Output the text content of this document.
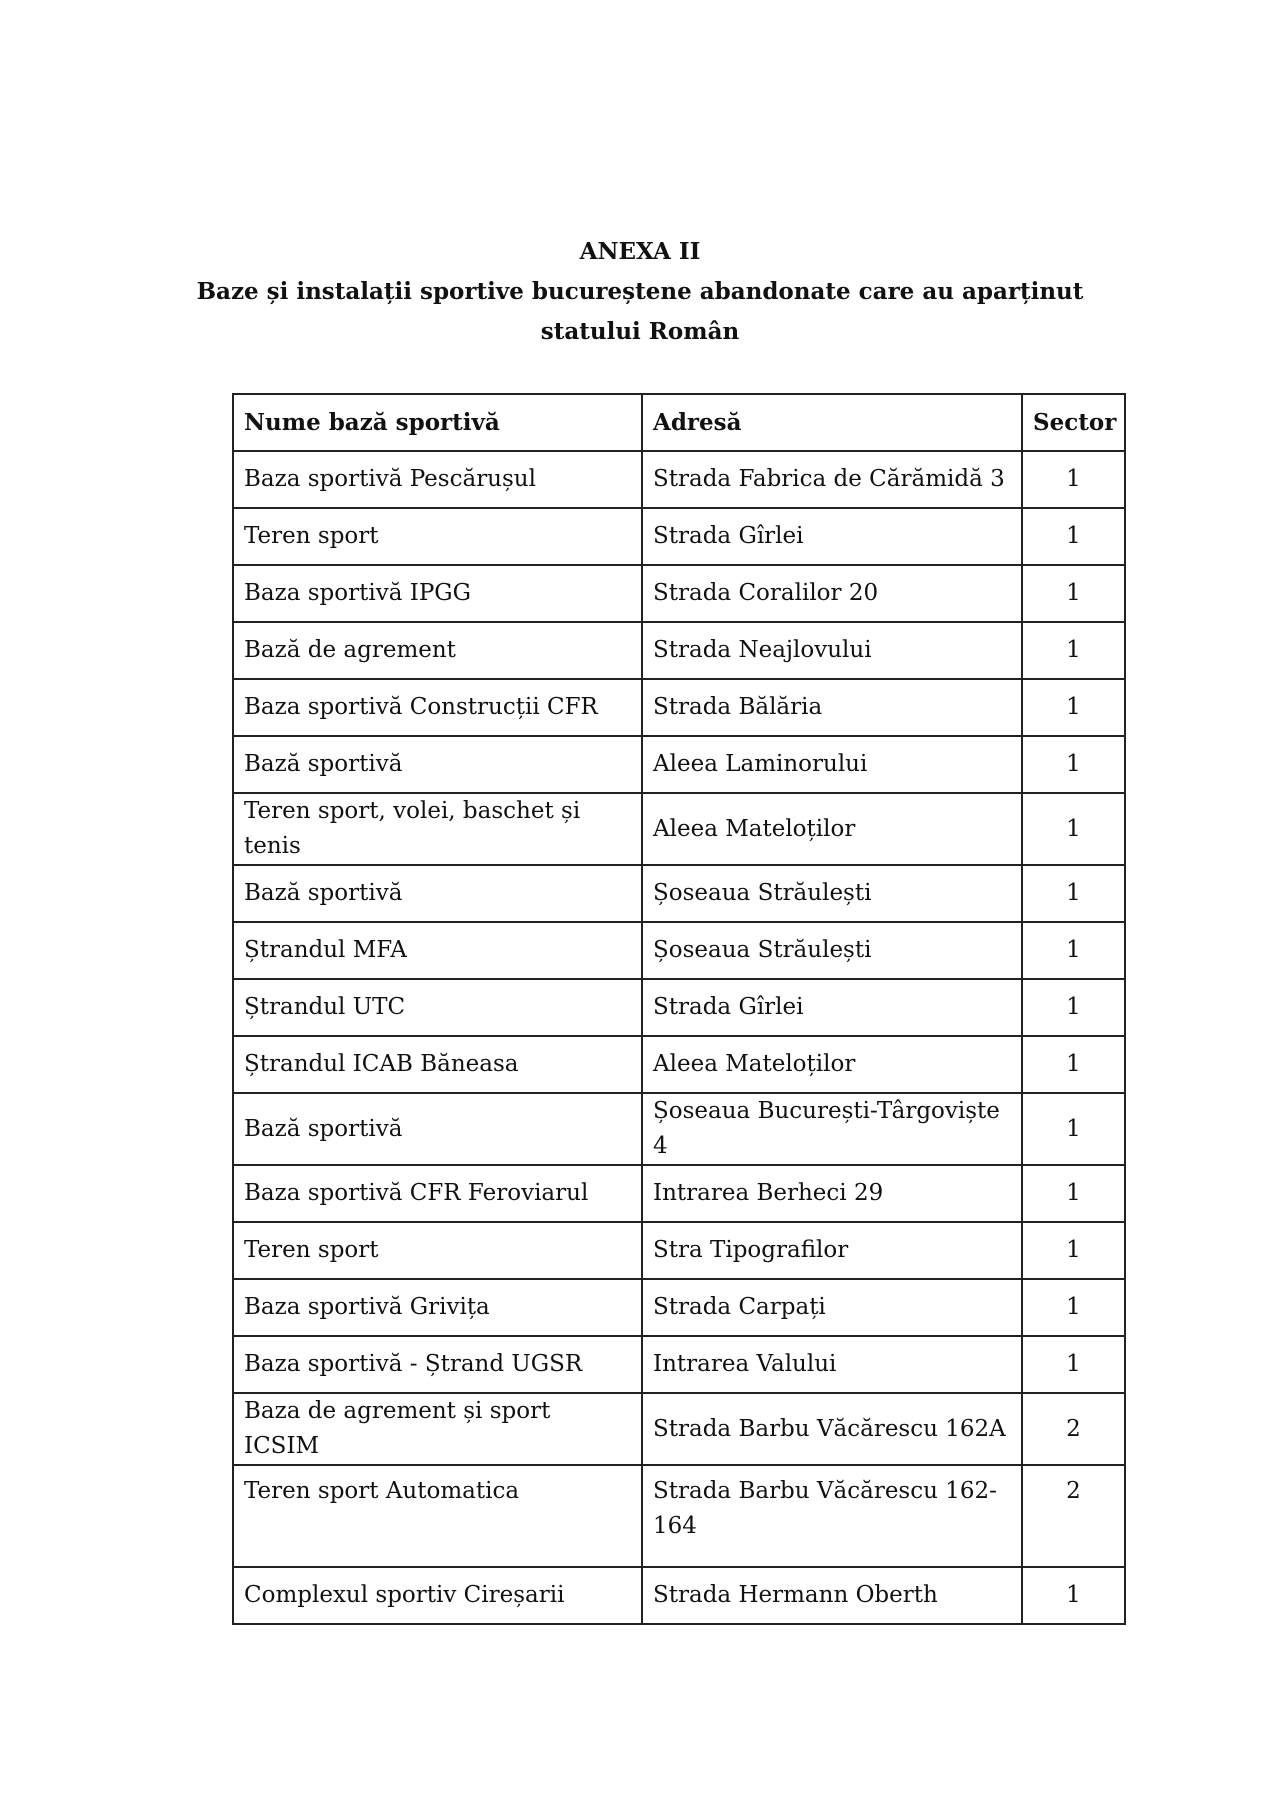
ANEXA II
Baze și instalații sportive bucureștene abandonate care au aparținut statului Român
Nume bază sportivă	Adresă	Sector
Baza sportivă Pescărușul	Strada Fabrica de Cărămidă 3	1
Teren sport	Strada Gîrlei	1
Baza sportivă IPGG	Strada Coralilor 20	1
Bază de agrement	Strada Neajlovului	1
Baza sportivă Construcții CFR	Strada Bălăria	1
Bază sportivă	Aleea Laminorului	1
Teren sport, volei, baschet și tenis	Aleea Mateloților	1
Bază sportivă	Șoseaua Străulești	1
Ștrandul MFA	Șoseaua Străulești	1
Ștrandul UTC	Strada Gîrlei	1
Ștrandul ICAB Băneasa	Aleea Mateloților	1
Bază sportivă	Șoseaua București-Târgoviște 4	1
Baza sportivă CFR Feroviarul	Intrarea Berheci 29	1
Teren sport	Stra Tipografilor	1
Baza sportivă Grivița	Strada Carpați	1
Baza sportivă - Ștrand UGSR	Intrarea Valului	1
Baza de agrement și sport ICSIM	Strada Barbu Văcărescu 162A	2
Teren sport Automatica	Strada Barbu Văcărescu 162-164	2
Complexul sportiv Cireșarii	Strada Hermann Oberth	1
